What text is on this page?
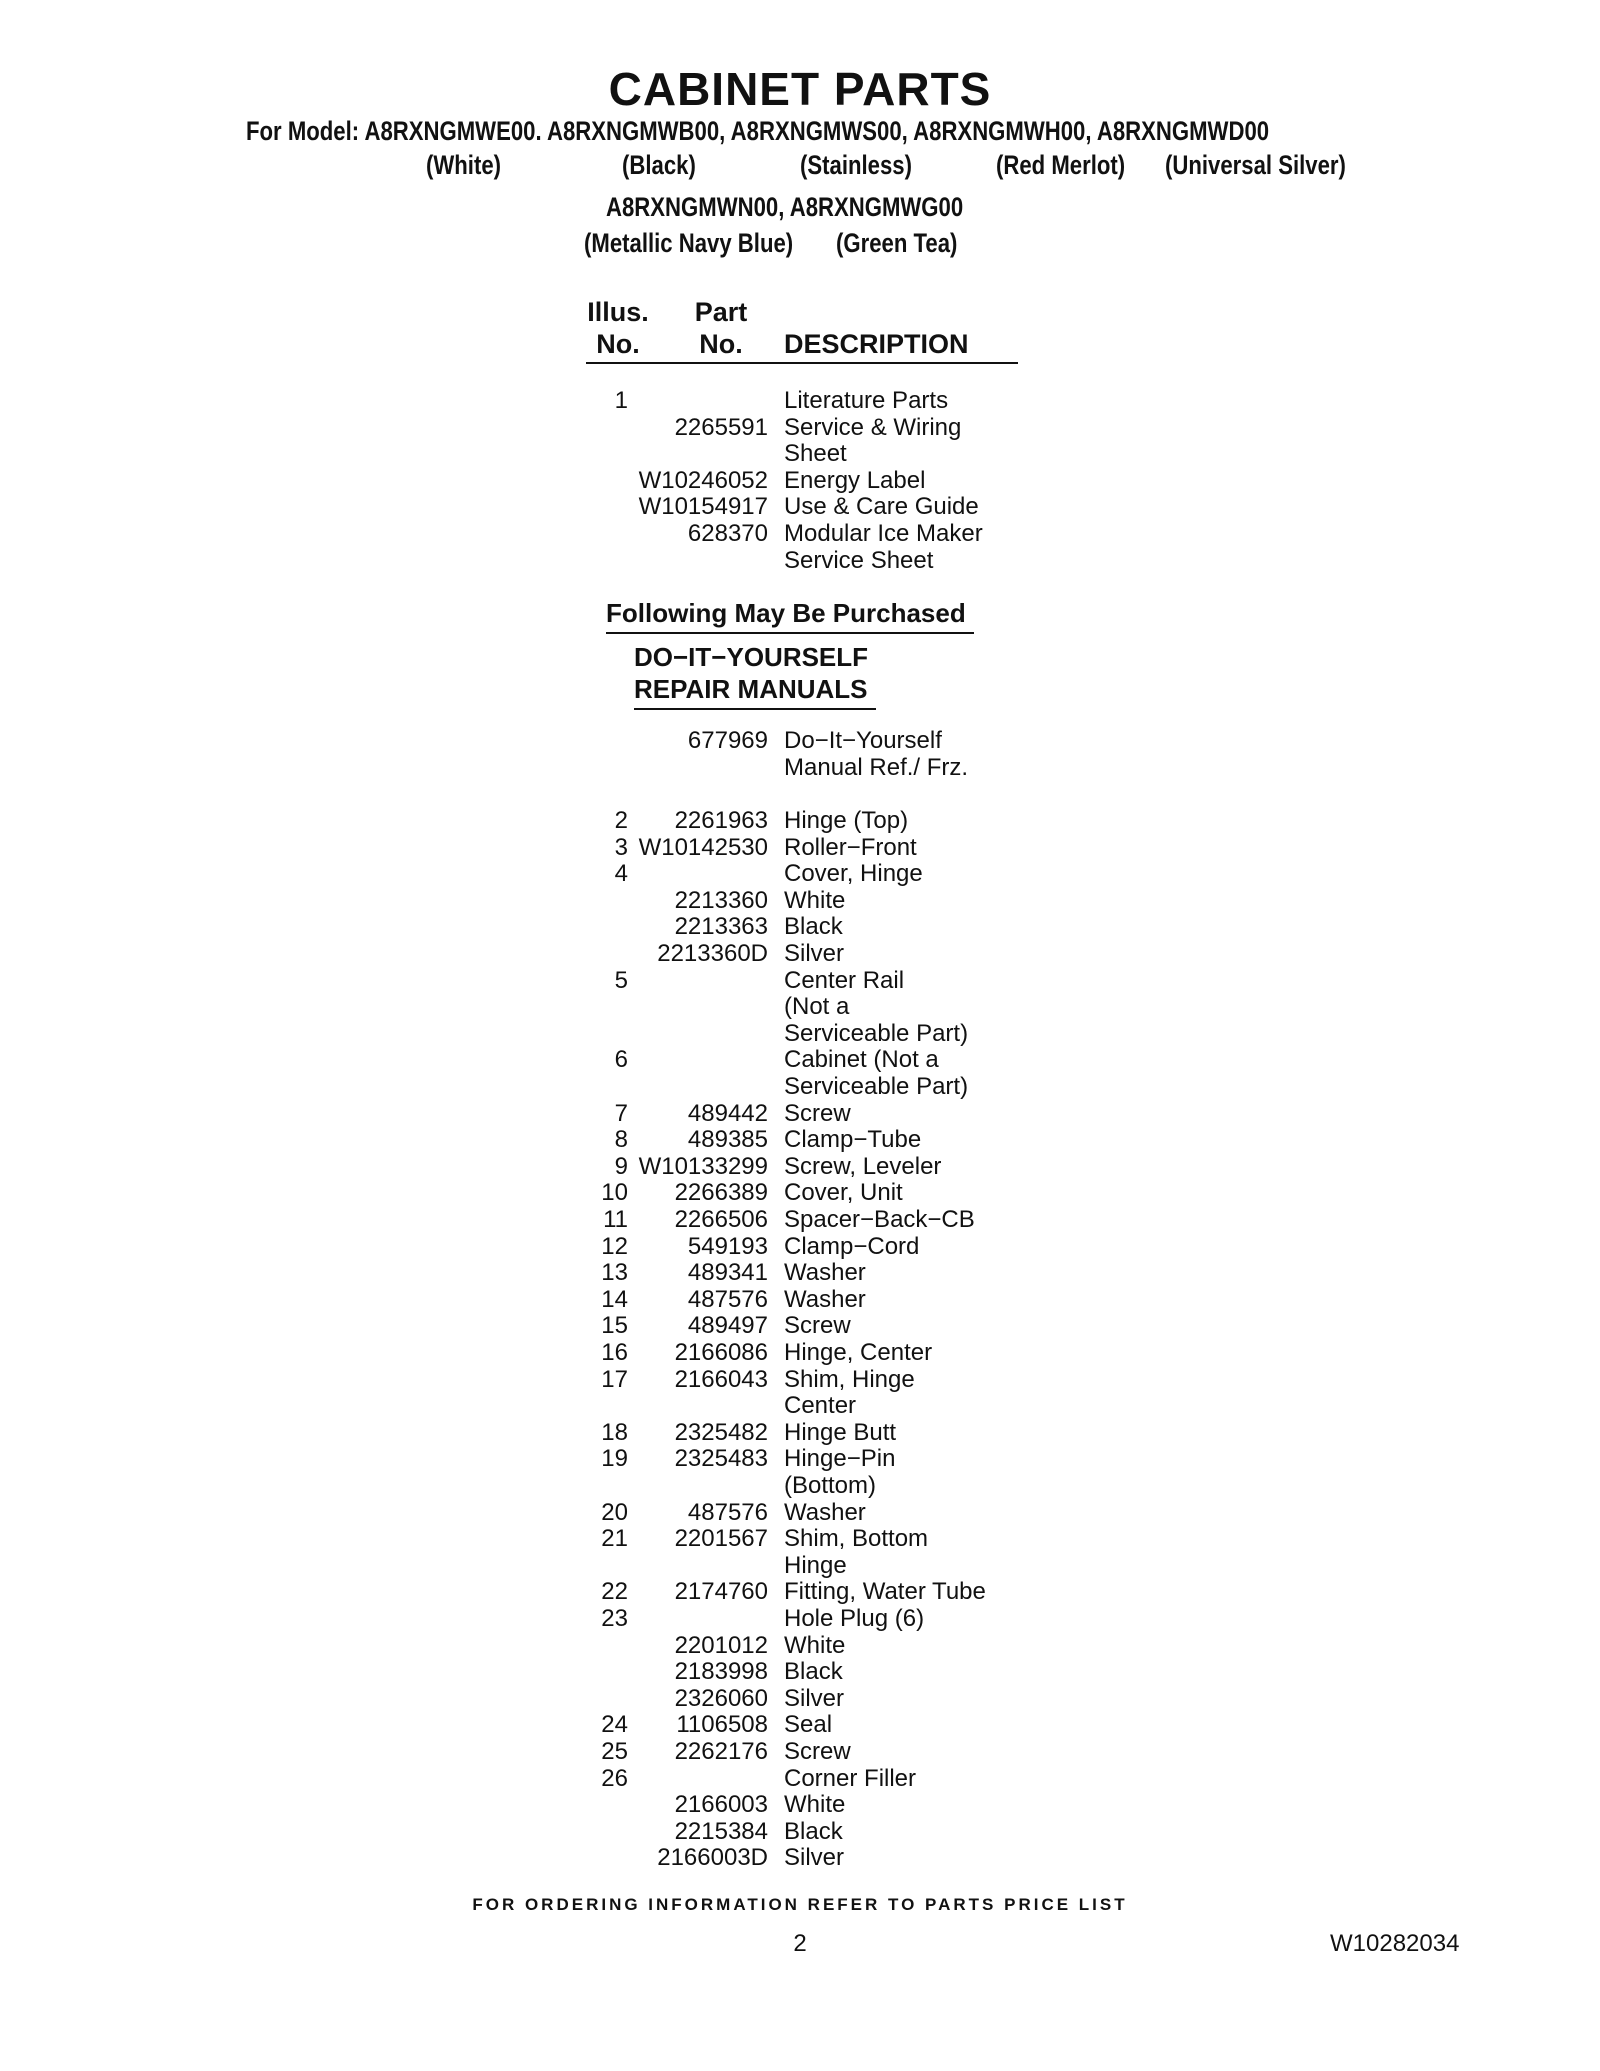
CABINET PARTS
For Model: A8RXNGMWE00. A8RXNGMWB00, A8RXNGMWS00, A8RXNGMWH00, A8RXNGMWD00
(White)	(Black)	(Stainless)	(Red Merlot) (Universal Silver)
A8RXNGMWN00, A8RXNGMWG00
(Metallic Navy Blue) (Green Tea)
Illus.
No.
Part
No.	DESCRIPTION
1	Literature Parts
2265591 Service & Wiring
Sheet
W10246052 Energy Label
W10154917 Use & Care Guide
628370 Modular Ice Maker
Service Sheet
Following May Be Purchased
DO−IT−YOURSELF
REPAIR MANUALS
677969 Do−It−Yourself
Manual Ref./ Frz.
2	2261963 Hinge (Top)
3 W10142530 Roller−Front
4	Cover, Hinge
2213360 White
2213363 Black
2213360D Silver
5	Center Rail
(Not a
Serviceable Part)
6	Cabinet (Not a
Serviceable Part)
7	489442 Screw
8	489385 Clamp−Tube
9 W10133299 Screw, Leveler
10	2266389 Cover, Unit
11	2266506 Spacer−Back−CB
12	549193 Clamp−Cord
13	489341 Washer
14	487576 Washer
15	489497 Screw
16	2166086 Hinge, Center
17	2166043 Shim, Hinge
Center
18	2325482 Hinge Butt
19	2325483 Hinge−Pin
(Bottom)
20	487576 Washer
21	2201567 Shim, Bottom
Hinge
22	2174760 Fitting, Water Tube
23	Hole Plug (6)
2201012 White
2183998 Black
2326060 Silver
24	1106508 Seal
25	2262176 Screw
26	Corner Filler
2166003 White
2215384 Black
2166003D Silver
FOR ORDERING INFORMATION REFER TO PARTS PRICE LIST
2	W10282034
